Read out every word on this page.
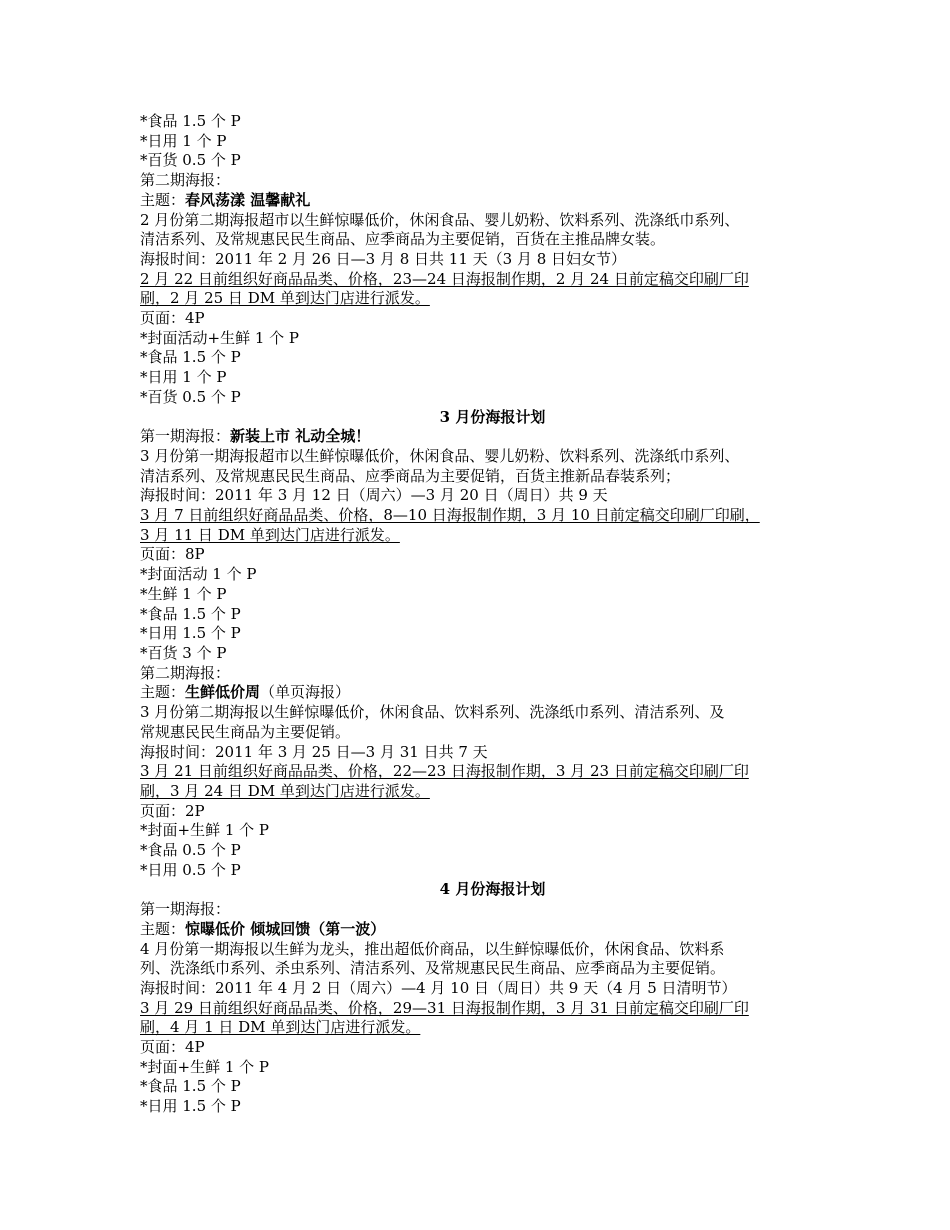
*食品 1.5 个 P
*日用 1 个 P
*百货 0.5 个 P
第二期海报：
主题：春风荡漾 温馨献礼
2 月份第二期海报超市以生鲜惊曝低价，休闲食品、婴儿奶粉、饮料系列、洗涤纸巾系列、
清洁系列、及常规惠民民生商品、应季商品为主要促销，百货在主推品牌女装。
海报时间：2011 年 2 月 26 日—3 月 8 日共 11 天（3 月 8 日妇女节）
2 月 22 日前组织好商品品类、价格，23—24 日海报制作期，2 月 24 日前定稿交印刷厂印
刷，2 月 25 日 DM 单到达门店进行派发。
页面：4P
*封面活动+生鲜 1 个 P
*食品 1.5 个 P
*日用 1 个 P
*百货 0.5 个 P
3 月份海报计划
第一期海报：新装上市 礼动全城！
3 月份第一期海报超市以生鲜惊曝低价，休闲食品、婴儿奶粉、饮料系列、洗涤纸巾系列、
清洁系列、及常规惠民民生商品、应季商品为主要促销，百货主推新品春装系列；
海报时间：2011 年 3 月 12 日（周六）—3 月 20 日（周日）共 9 天
3 月 7 日前组织好商品品类、价格，8—10 日海报制作期，3 月 10 日前定稿交印刷厂印刷，
3 月 11 日 DM 单到达门店进行派发。
页面：8P
*封面活动 1 个 P
*生鲜 1 个 P
*食品 1.5 个 P
*日用 1.5 个 P
*百货 3 个 P
第二期海报：
主题：生鲜低价周（单页海报）
3 月份第二期海报以生鲜惊曝低价，休闲食品、饮料系列、洗涤纸巾系列、清洁系列、及
常规惠民民生商品为主要促销。
海报时间：2011 年 3 月 25 日—3 月 31 日共 7 天
3 月 21 日前组织好商品品类、价格，22—23 日海报制作期，3 月 23 日前定稿交印刷厂印
刷，3 月 24 日 DM 单到达门店进行派发。
页面：2P
*封面+生鲜 1 个 P
*食品 0.5 个 P
*日用 0.5 个 P
4 月份海报计划
第一期海报：
主题：惊曝低价 倾城回馈（第一波）
4 月份第一期海报以生鲜为龙头，推出超低价商品，以生鲜惊曝低价，休闲食品、饮料系
列、洗涤纸巾系列、杀虫系列、清洁系列、及常规惠民民生商品、应季商品为主要促销。
海报时间：2011 年 4 月 2 日（周六）—4 月 10 日（周日）共 9 天（4 月 5 日清明节）
3 月 29 日前组织好商品品类、价格，29—31 日海报制作期，3 月 31 日前定稿交印刷厂印
刷，4 月 1 日 DM 单到达门店进行派发。
页面：4P
*封面+生鲜 1 个 P
*食品 1.5 个 P
*日用 1.5 个 P
